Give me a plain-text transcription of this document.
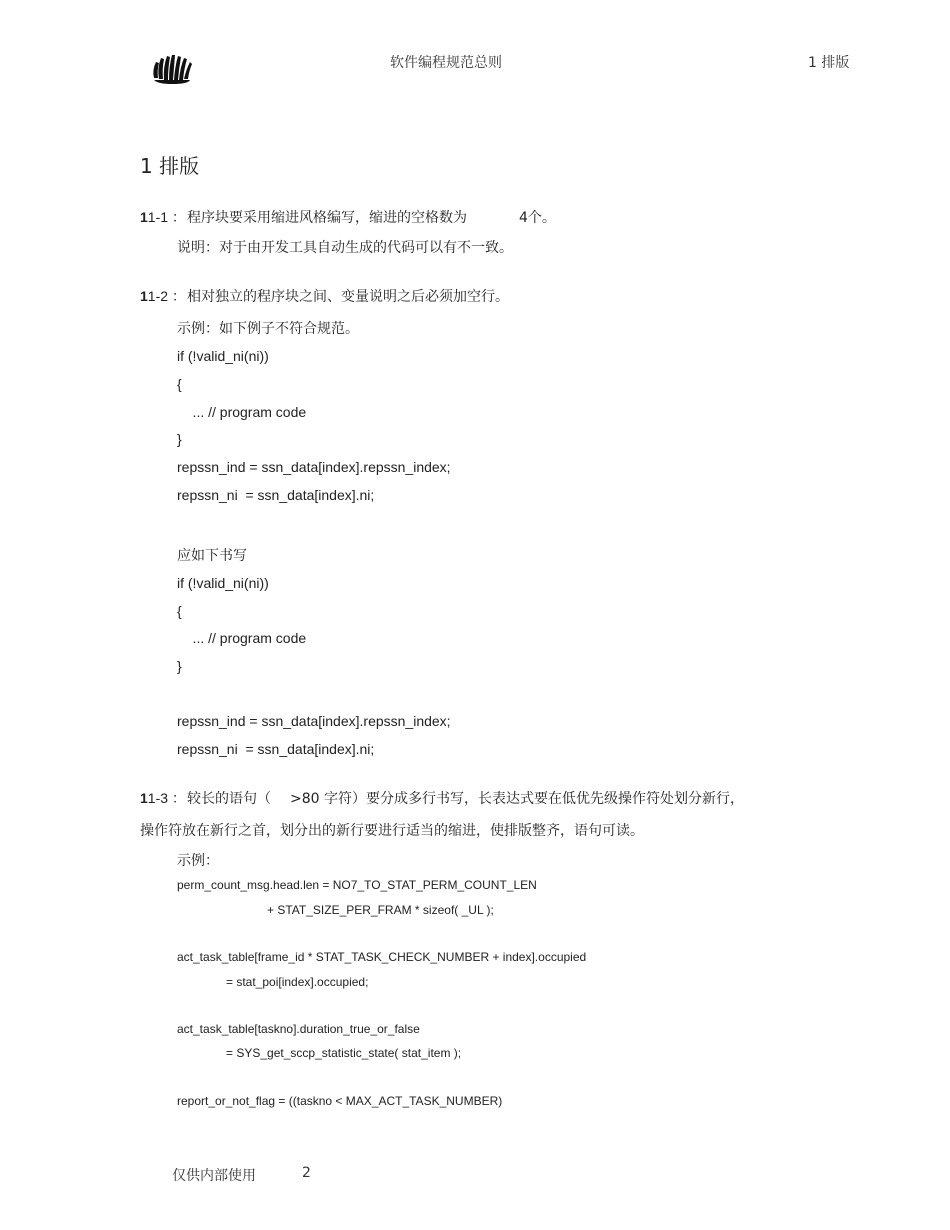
软件编程规范总则	1 排版
1 排版
11-1 ： 程序块要采用缩进风格编写，缩进的空格数为	4个。
说明：对于由开发工具自动生成的代码可以有不一致。
11-2 ： 相对独立的程序块之间、变量说明之后必须加空行。
示例：如下例子不符合规范。
if (!valid_ni(ni))
{
... // program code
}
repssn_ind = ssn_data[index].repssn_index;
repssn_ni  = ssn_data[index].ni;
应如下书写
if (!valid_ni(ni))
{
... // program code
}
repssn_ind = ssn_data[index].repssn_index;
repssn_ni  = ssn_data[index].ni;
11-3 ： 较长的语句（ >80 字符）要分成多行书写，长表达式要在低优先级操作符处划分新行，
操作符放在新行之首，划分出的新行要进行适当的缩进，使排版整齐，语句可读。
示例：
perm_count_msg.head.len = NO7_TO_STAT_PERM_COUNT_LEN
+ STAT_SIZE_PER_FRAM * sizeof( _UL );
act_task_table[frame_id * STAT_TASK_CHECK_NUMBER + index].occupied
= stat_poi[index].occupied;
act_task_table[taskno].duration_true_or_false
= SYS_get_sccp_statistic_state( stat_item );
report_or_not_flag = ((taskno < MAX_ACT_TASK_NUMBER)
仅供内部使用	2
